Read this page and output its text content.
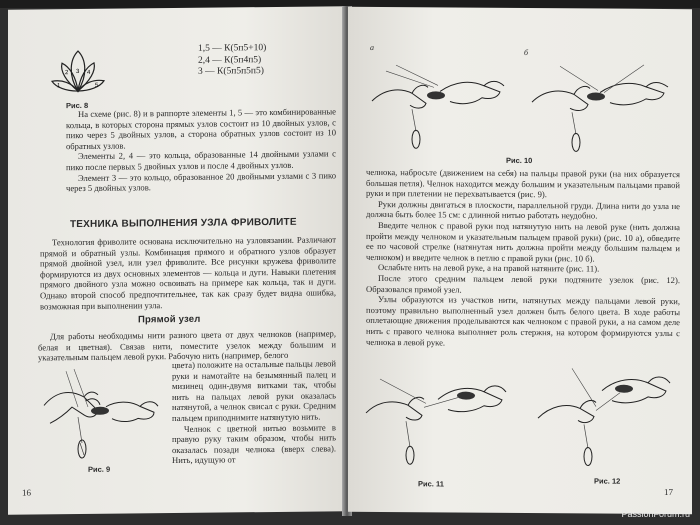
1
2 3 4
5
Рис. 8
1,5 — К(5п5+10)
2,4 — К(5п4п5)
3 — К(5п5п5п5)

На схеме (рис. 8) и в раппорте элементы 1, 5 — это комбинированные кольца, в которых сторона прямых узлов состоит из 10 двойных узлов, с пико через 5 двойных узлов, а сторона обратных узлов состоит из 10 обратных узлов.

Элементы 2, 4 — это кольца, образованные 14 двойными узлами с пико после первых 5 двойных узлов и после 4 двойных узлов.

Элемент 3 — это кольцо, образованное 20 двойными узлами с 3 пико через 5 двойных узлов.

ТЕХНИКА ВЫПОЛНЕНИЯ УЗЛА ФРИВОЛИТЕ

Технология фриволите основана исключительно на узловязании. Различают прямой и обратный узлы. Комбинация прямого и обратного узлов образует прямой двойной узел, или узел фриволите. Все рисунки кружева фриволите формируются из двух основных элементов — кольца и дуги. Навыки плетения прямого двойного узла можно освоивать на примере как кольца, так и дуги. Однако второй способ предпочтительнее, так как сразу будет видна ошибка, возможная при выполнении узла.

Прямой узел

Для работы необходимы нити разного цвета от двух челноков (например, белая и цветная). Связав нити, поместите узелок между большим и указательным пальцем левой руки. Рабочую нить (например, белого

Рис. 9

цвета) положите на остальные пальцы левой руки и намотайте на безымянный палец и мизинец один-двумя витками так, чтобы нить на пальцах левой руки оказалась натянутой, а челнок свисал с руки. Средним пальцем приподнимите натянутую нить.

Челнок с цветной нитью возьмите в правую руку таким образом, чтобы нить оказалась позади челнока (вверх слева). Нить, идущую от

16
а
б
Рис. 10

челнока, набросьте (движением на себя) на пальцы правой руки (на них образуется большая петля). Челнок находится между большим и указательным пальцами правой руки и при плетении не перехватывается (рис. 9).

Руки должны двигаться в плоскости, параллельной груди. Длина нити до узла не должна быть более 15 см: с длинной нитью работать неудобно.

Введите челнок с правой руки под натянутую нить на левой руке (нить должна пройти между челноком и указательным пальцем правой руки) (рис. 10 а), обведите ее по часовой стрелке (натянутая нить должна пройти между большим пальцем и челноком) и введите челнок в петлю с правой руки (рис. 10 б).

Ослабьте нить на левой руке, а на правой натяните (рис. 11).

После этого средним пальцем левой руки подтяните узелок (рис. 12). Образовался прямой узел.

Узлы образуются из участков нити, натянутых между пальцами левой руки, поэтому правильно выполненный узел должен быть белого цвета. В ходе работы оплетающие движения проделываются как челноком с правой руки, а на самом деле нить с правого челнока выполняет роль стержня, на котором формируются узлы с челнока в левой руке.

Рис. 11	Рис. 12
17
PassionForum.ru
